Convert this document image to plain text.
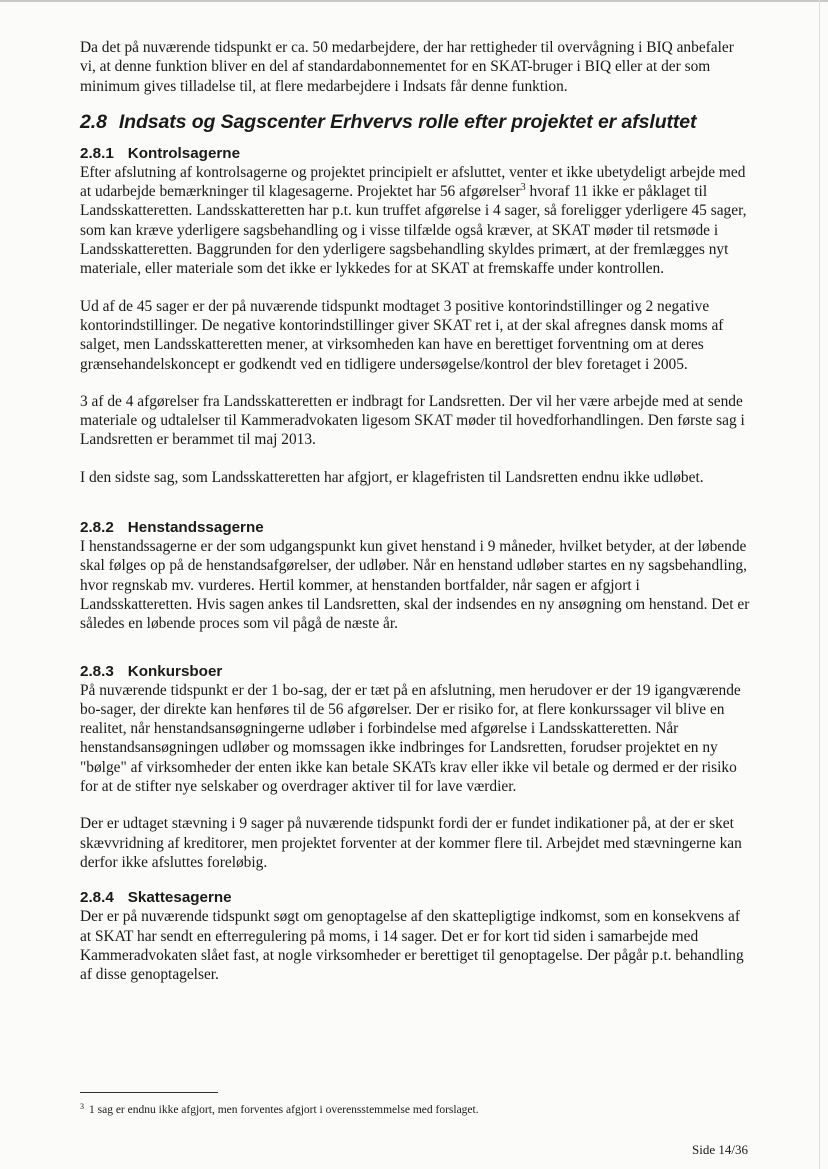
Da det på nuværende tidspunkt er ca. 50 medarbejdere, der har rettigheder til overvågning i BIQ anbefaler vi, at denne funktion bliver en del af standardabonnementet for en SKAT-bruger i BIQ eller at der som minimum gives tilladelse til, at flere medarbejdere i Indsats får denne funktion.

2.8 Indsats og Sagscenter Erhvervs rolle efter projektet er afsluttet
2.8.1 Kontrolsagerne

Efter afslutning af kontrolsagerne og projektet principielt er afsluttet, venter et ikke ubetydeligt arbejde med at udarbejde bemærkninger til klagesagerne. Projektet har 56 afgørelser$^3$ hvoraf 11 ikke er påklaget til Landsskatteretten. Landsskatteretten har p.t. kun truffet afgørelse i 4 sager, så foreligger yderligere 45 sager, som kan kræve yderligere sagsbehandling og i visse tilfælde også kræver, at SKAT møder til retsmøde i Landsskatteretten. Baggrunden for den yderligere sagsbehandling skyldes primært, at der fremlægges nyt materiale, eller materiale som det ikke er lykkedes for at SKAT at fremskaffe under kontrollen.

Ud af de 45 sager er der på nuværende tidspunkt modtaget 3 positive kontorindstillinger og 2 negative kontorindstillinger. De negative kontorindstillinger giver SKAT ret i, at der skal afregnes dansk moms af salget, men Landsskatteretten mener, at virksomheden kan have en berettiget forventning om at deres grænsehandelskoncept er godkendt ved en tidligere undersøgelse/kontrol der blev foretaget i 2005.

3 af de 4 afgørelser fra Landsskatteretten er indbragt for Landsretten. Der vil her være arbejde med at sende materiale og udtalelser til Kammeradvokaten ligesom SKAT møder til hovedforhandlingen. Den første sag i Landsretten er berammet til maj 2013.

I den sidste sag, som Landsskatteretten har afgjort, er klagefristen til Landsretten endnu ikke udløbet.

2.8.2 Henstandssagerne

I henstandssagerne er der som udgangspunkt kun givet henstand i 9 måneder, hvilket betyder, at der løbende skal følges op på de henstandsafgørelser, der udløber. Når en henstand udløber startes en ny sagsbehandling, hvor regnskab mv. vurderes. Hertil kommer, at henstanden bortfalder, når sagen er afgjort i Landsskatteretten. Hvis sagen ankes til Landsretten, skal der indsendes en ny ansøgning om henstand. Det er således en løbende proces som vil pågå de næste år.

2.8.3 Konkursboer

På nuværende tidspunkt er der 1 bo-sag, der er tæt på en afslutning, men herudover er der 19 igangværende bo-sager, der direkte kan henføres til de 56 afgørelser. Der er risiko for, at flere konkurssager vil blive en realitet, når henstandsansøgningerne udløber i forbindelse med afgørelse i Landsskatteretten. Når henstandsansøgningen udløber og momssagen ikke indbringes for Landsretten, forudser projektet en ny "bølge" af virksomheder der enten ikke kan betale SKATs krav eller ikke vil betale og dermed er der risiko for at de stifter nye selskaber og overdrager aktiver til for lave værdier.

Der er udtaget stævning i 9 sager på nuværende tidspunkt fordi der er fundet indikationer på, at der er sket skævvridning af kreditorer, men projektet forventer at der kommer flere til. Arbejdet med stævningerne kan derfor ikke afsluttes foreløbig.

2.8.4 Skattesagerne

Der er på nuværende tidspunkt søgt om genoptagelse af den skattepligtige indkomst, som en konsekvens af at SKAT har sendt en efterregulering på moms, i 14 sager. Det er for kort tid siden i samarbejde med Kammeradvokaten slået fast, at nogle virksomheder er berettiget til genoptagelse. Der pågår p.t. behandling af disse genoptagelser.

$^3$ 1 sag er endnu ikke afgjort, men forventes afgjort i overensstemmelse med forslaget.
Side 14/36
